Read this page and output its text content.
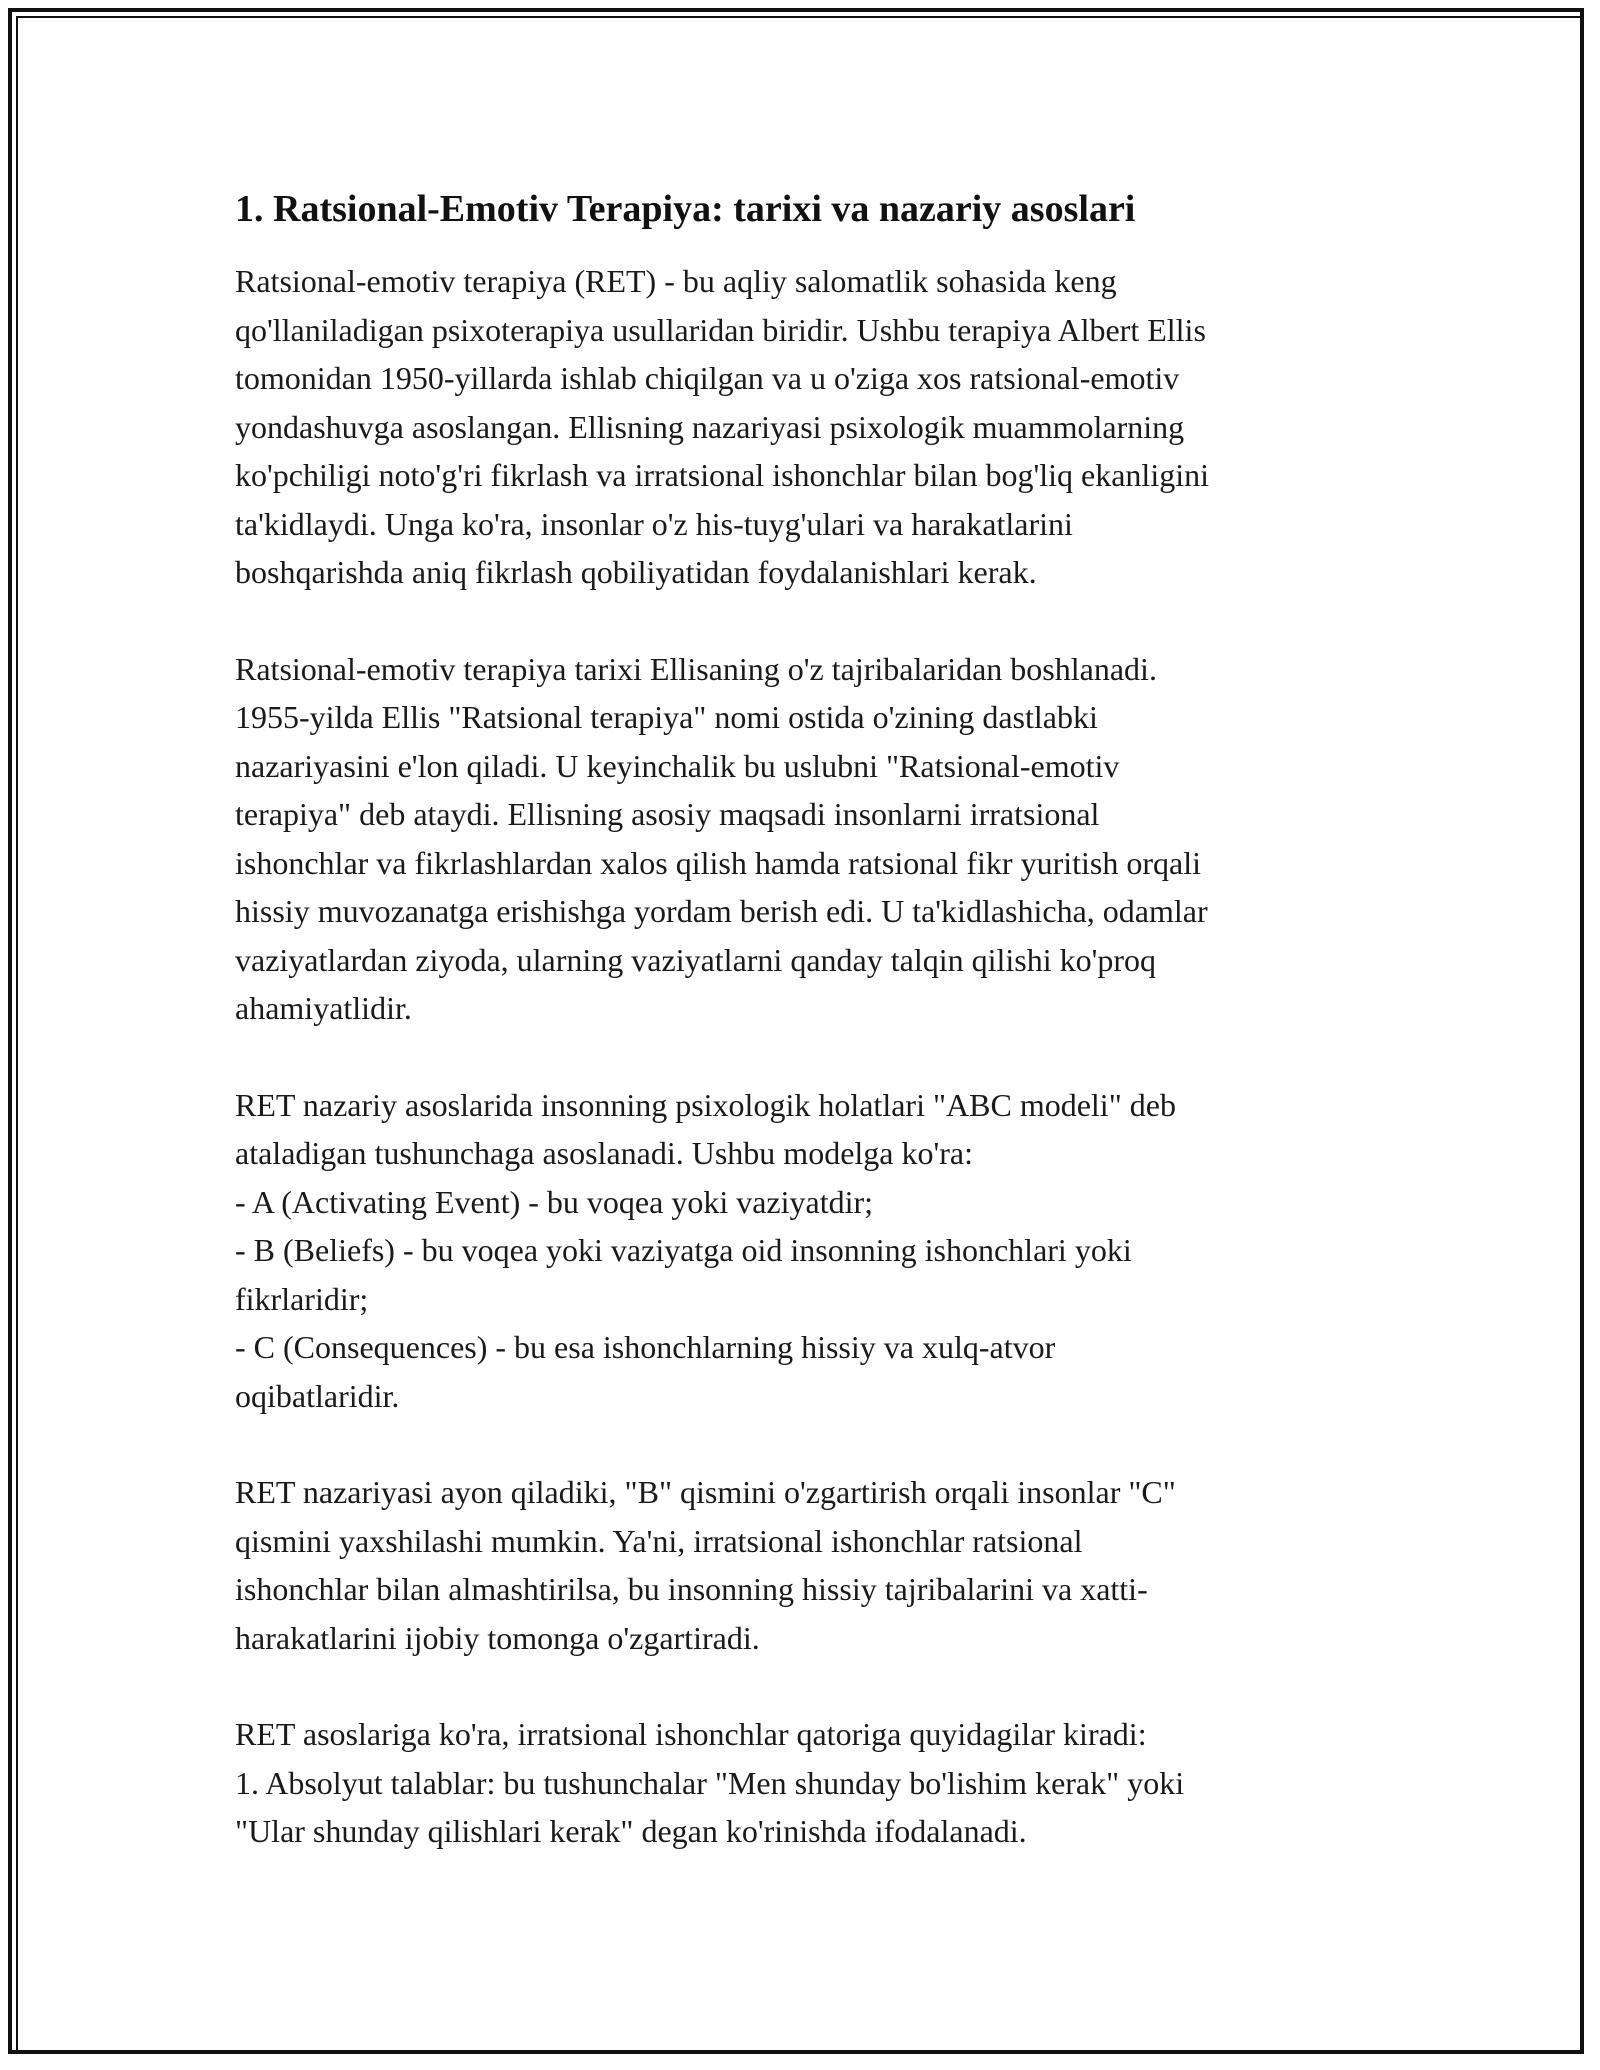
1. Ratsional-Emotiv Terapiya: tarixi va nazariy asoslari

Ratsional-emotiv terapiya (RET) - bu aqliy salomatlik sohasida keng
qo'llaniladigan psixoterapiya usullaridan biridir. Ushbu terapiya Albert Ellis
tomonidan 1950-yillarda ishlab chiqilgan va u o'ziga xos ratsional-emotiv
yondashuvga asoslangan. Ellisning nazariyasi psixologik muammolarning
ko'pchiligi noto'g'ri fikrlash va irratsional ishonchlar bilan bog'liq ekanligini
ta'kidlaydi. Unga ko'ra, insonlar o'z his-tuyg'ulari va harakatlarini
boshqarishda aniq fikrlash qobiliyatidan foydalanishlari kerak.

Ratsional-emotiv terapiya tarixi Ellisaning o'z tajribalaridan boshlanadi.
1955-yilda Ellis "Ratsional terapiya" nomi ostida o'zining dastlabki
nazariyasini e'lon qiladi. U keyinchalik bu uslubni "Ratsional-emotiv
terapiya" deb ataydi. Ellisning asosiy maqsadi insonlarni irratsional
ishonchlar va fikrlashlardan xalos qilish hamda ratsional fikr yuritish orqali
hissiy muvozanatga erishishga yordam berish edi. U ta'kidlashicha, odamlar
vaziyatlardan ziyoda, ularning vaziyatlarni qanday talqin qilishi ko'proq
ahamiyatlidir.

RET nazariy asoslarida insonning psixologik holatlari "ABC modeli" deb
ataladigan tushunchaga asoslanadi. Ushbu modelga ko'ra:
- A (Activating Event) - bu voqea yoki vaziyatdir;
- B (Beliefs) - bu voqea yoki vaziyatga oid insonning ishonchlari yoki
fikrlaridir;
- C (Consequences) - bu esa ishonchlarning hissiy va xulq-atvor
oqibatlaridir.

RET nazariyasi ayon qiladiki, "B" qismini o'zgartirish orqali insonlar "C"
qismini yaxshilashi mumkin. Ya'ni, irratsional ishonchlar ratsional
ishonchlar bilan almashtirilsa, bu insonning hissiy tajribalarini va xatti-
harakatlarini ijobiy tomonga o'zgartiradi.

RET asoslariga ko'ra, irratsional ishonchlar qatoriga quyidagilar kiradi:
1. Absolyut talablar: bu tushunchalar "Men shunday bo'lishim kerak" yoki
"Ular shunday qilishlari kerak" degan ko'rinishda ifodalanadi.
